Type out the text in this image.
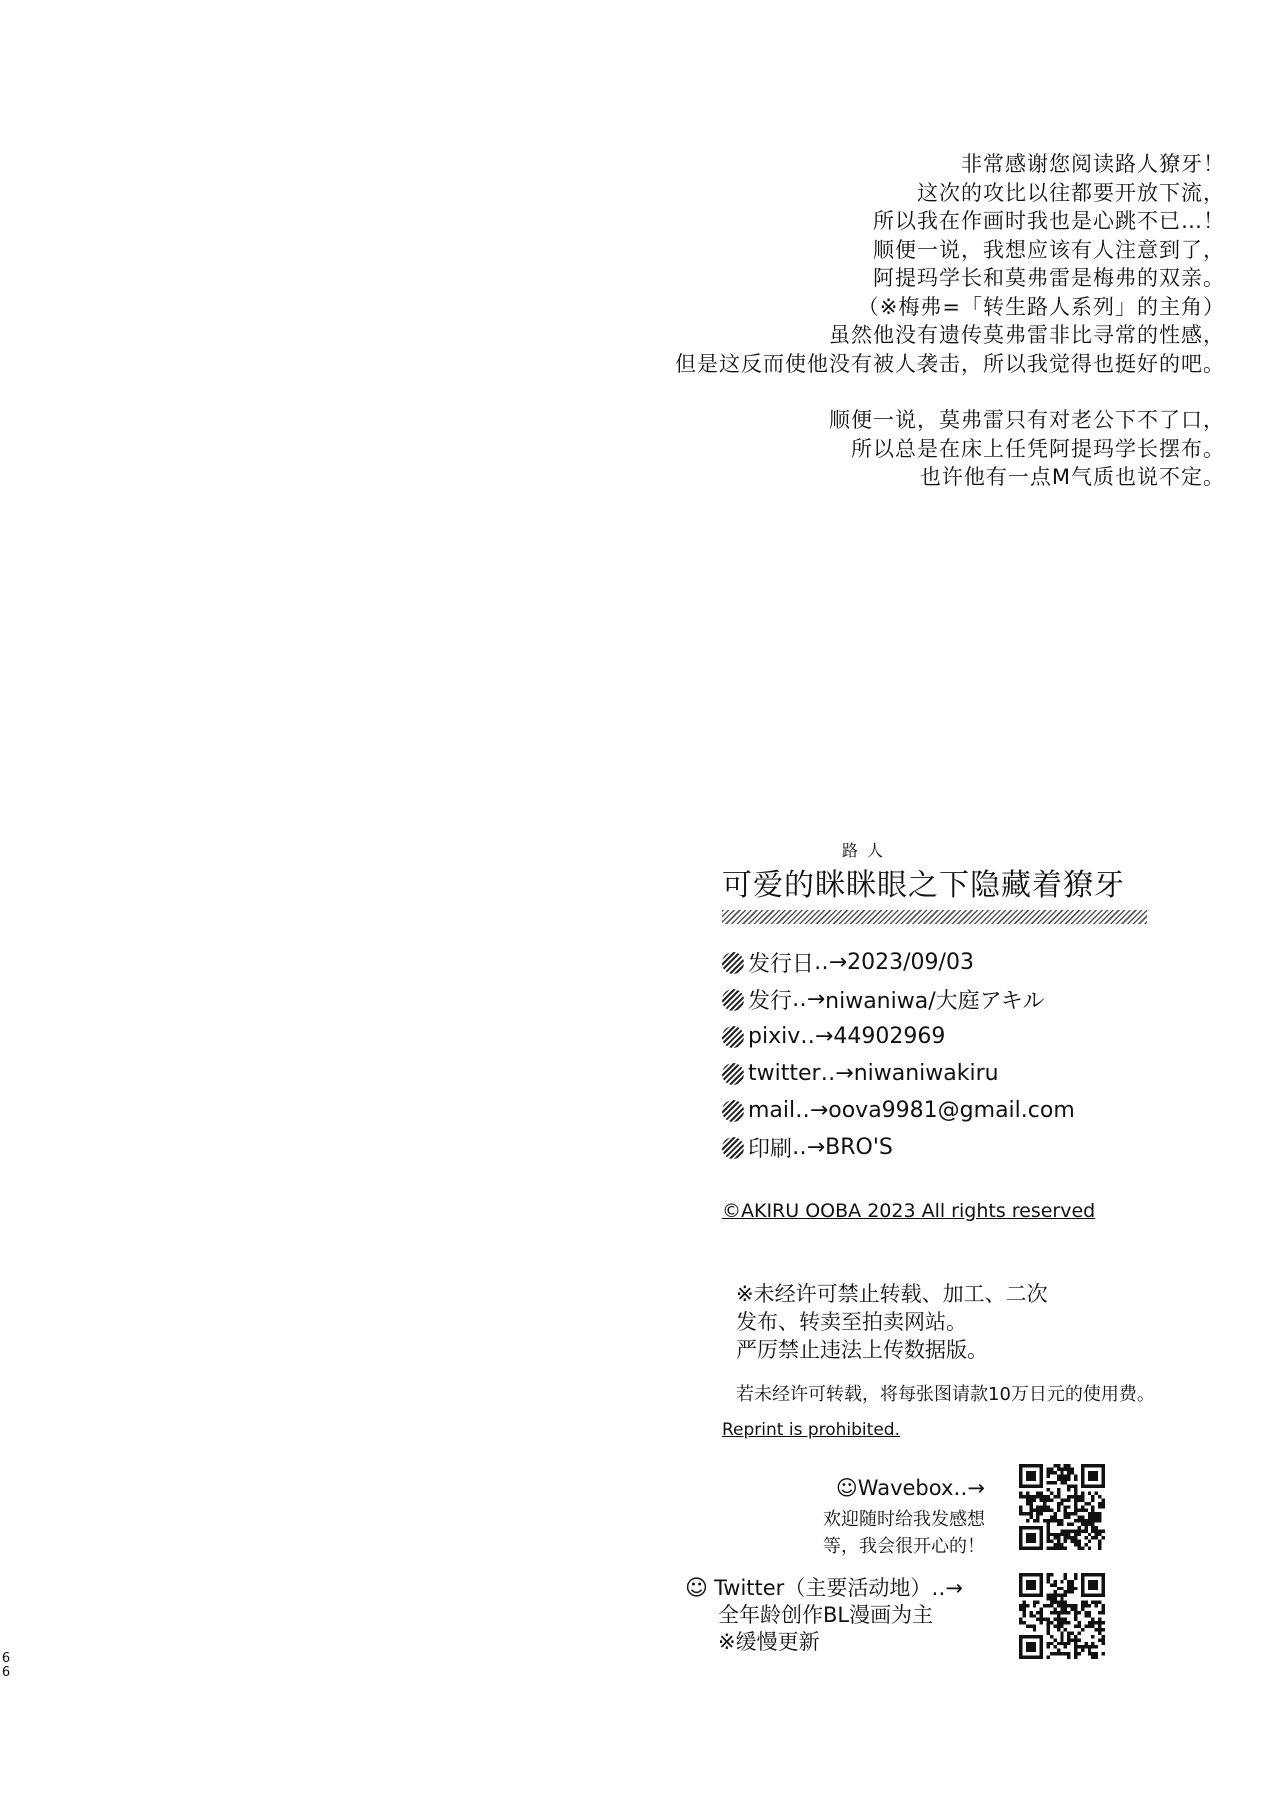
非常感谢您阅读路人獠牙！
这次的攻比以往都要开放下流，
所以我在作画时我也是心跳不已…！
顺便一说，我想应该有人注意到了，
阿提玛学长和莫弗雷是梅弗的双亲。
（※梅弗=「转生路人系列」的主角）
虽然他没有遗传莫弗雷非比寻常的性感，
但是这反而使他没有被人袭击，所以我觉得也挺好的吧。
顺便一说，莫弗雷只有对老公下不了口，
所以总是在床上任凭阿提玛学长摆布。
也许他有一点M气质也说不定。
路人
可爱的眯眯眼之下隐藏着獠牙
发行日 ‥→ 2023/09/03
发行 ‥→ niwaniwa/大庭アキル
pixiv ‥→ 44902969
twitter ‥→ niwaniwakiru
mail ‥→ oova9981@gmail.com
印刷 ‥→ BRO'S
©AKIRU OOBA 2023 All rights reserved
※未经许可禁止转载、加工、二次
发布、转卖至拍卖网站。
严厉禁止违法上传数据版。
若未经许可转载，将每张图请款10万日元的使用费。
Reprint is prohibited.
☺Wavebox‥→
欢迎随时给我发感想
等，我会很开心的！
☺ Twitter（主要活动地）‥→
全年龄创作BL漫画为主
※缓慢更新
6
6
